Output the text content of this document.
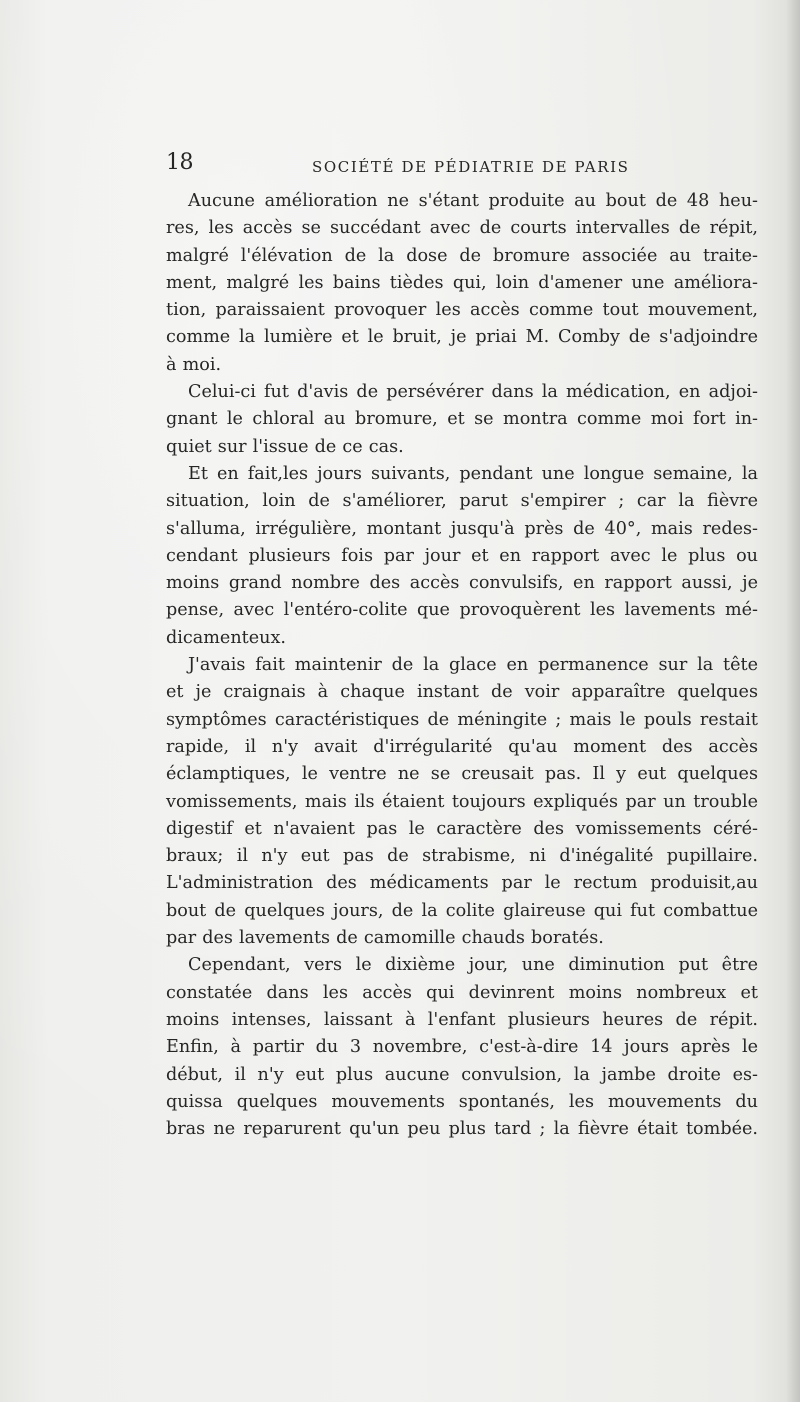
18	SOCIÉTÉ DE PÉDIATRIE DE PARIS
Aucune amélioration ne s'étant produite au bout de 48 heu-
res, les accès se succédant avec de courts intervalles de répit,
malgré l'élévation de la dose de bromure associée au traite-
ment, malgré les bains tièdes qui, loin d'amener une améliora-
tion, paraissaient provoquer les accès comme tout mouvement,
comme la lumière et le bruit, je priai M. Comby de s'adjoindre
à moi.
Celui-ci fut d'avis de persévérer dans la médication, en adjoi-
gnant le chloral au bromure, et se montra comme moi fort in-
quiet sur l'issue de ce cas.
Et en fait,les jours suivants, pendant une longue semaine, la
situation, loin de s'améliorer, parut s'empirer ; car la fièvre
s'alluma, irrégulière, montant jusqu'à près de 40°, mais redes-
cendant plusieurs fois par jour et en rapport avec le plus ou
moins grand nombre des accès convulsifs, en rapport aussi, je
pense, avec l'entéro-colite que provoquèrent les lavements mé-
dicamenteux.
J'avais fait maintenir de la glace en permanence sur la tête
et je craignais à chaque instant de voir apparaître quelques
symptômes caractéristiques de méningite ; mais le pouls restait
rapide, il n'y avait d'irrégularité qu'au moment des accès
éclamptiques, le ventre ne se creusait pas. Il y eut quelques
vomissements, mais ils étaient toujours expliqués par un trouble
digestif et n'avaient pas le caractère des vomissements céré-
braux; il n'y eut pas de strabisme, ni d'inégalité pupillaire.
L'administration des médicaments par le rectum produisit,au
bout de quelques jours, de la colite glaireuse qui fut combattue
par des lavements de camomille chauds boratés.
Cependant, vers le dixième jour, une diminution put être
constatée dans les accès qui devinrent moins nombreux et
moins intenses, laissant à l'enfant plusieurs heures de répit.
Enfin, à partir du 3 novembre, c'est-à-dire 14 jours après le
début, il n'y eut plus aucune convulsion, la jambe droite es-
quissa quelques mouvements spontanés, les mouvements du
bras ne reparurent qu'un peu plus tard ; la fièvre était tombée.
